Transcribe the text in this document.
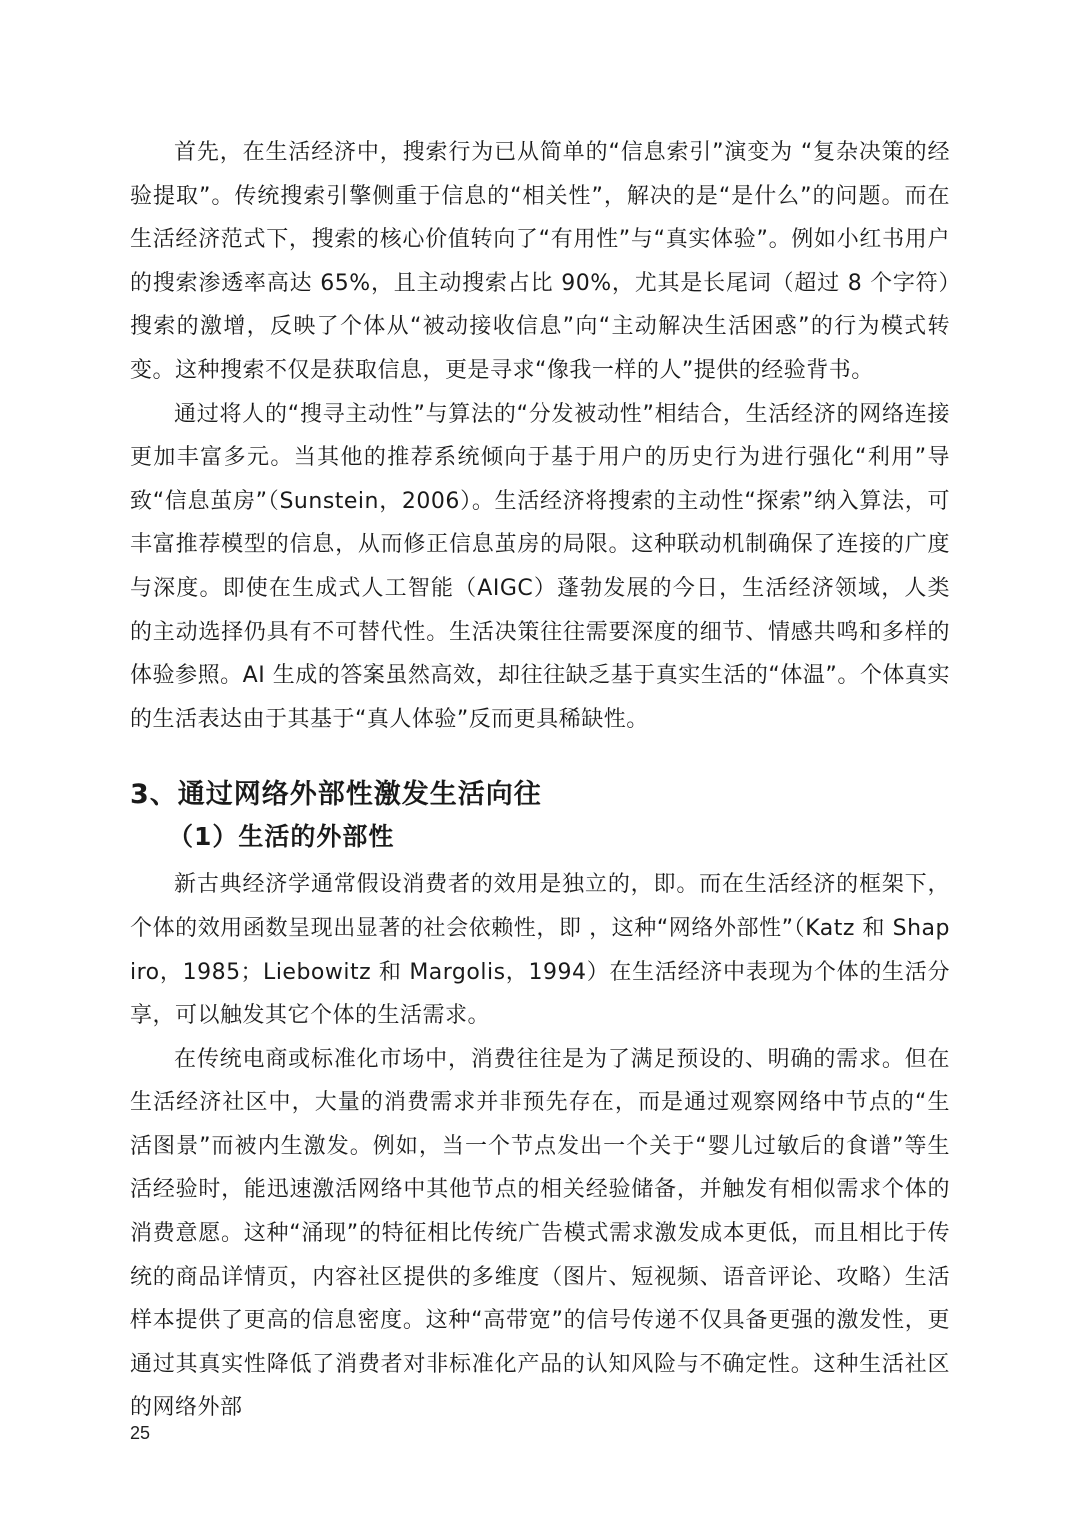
首先，在生活经济中，搜索行为已从简单的“信息索引”演变为 “复杂决策的经验提取”。传统搜索引擎侧重于信息的“相关性”，解决的是“是什么”的问题。而在生活经济范式下，搜索的核心价值转向了“有用性”与“真实体验”。例如小红书用户的搜索渗透率高达 65%，且主动搜索占比 90%，尤其是长尾词（超过 8 个字符）搜索的激增，反映了个体从“被动接收信息”向“主动解决生活困惑”的行为模式转变。这种搜索不仅是获取信息，更是寻求“像我一样的人”提供的经验背书。

通过将人的“搜寻主动性”与算法的“分发被动性”相结合，生活经济的网络连接更加丰富多元。当其他的推荐系统倾向于基于用户的历史行为进行强化“利用”导致“信息茧房”（Sunstein，2006）。生活经济将搜索的主动性“探索”纳入算法，可丰富推荐模型的信息，从而修正信息茧房的局限。这种联动机制确保了连接的广度与深度。即使在生成式人工智能（AIGC）蓬勃发展的今日，生活经济领域，人类的主动选择仍具有不可替代性。生活决策往往需要深度的细节、情感共鸣和多样的体验参照。AI 生成的答案虽然高效，却往往缺乏基于真实生活的“体温”。个体真实的生活表达由于其基于“真人体验”反而更具稀缺性。

3、通过网络外部性激发生活向往
（1）生活的外部性

新古典经济学通常假设消费者的效用是独立的，即。而在生活经济的框架下，个体的效用函数呈现出显著的社会依赖性，即 ，这种“网络外部性”（Katz 和 Shapiro，1985；Liebowitz 和 Margolis，1994）在生活经济中表现为个体的生活分享，可以触发其它个体的生活需求。

在传统电商或标准化市场中，消费往往是为了满足预设的、明确的需求。但在生活经济社区中，大量的消费需求并非预先存在，而是通过观察网络中节点的“生活图景”而被内生激发。例如，当一个节点发出一个关于“婴儿过敏后的食谱”等生活经验时，能迅速激活网络中其他节点的相关经验储备，并触发有相似需求个体的消费意愿。这种“涌现”的特征相比传统广告模式需求激发成本更低，而且相比于传统的商品详情页，内容社区提供的多维度（图片、短视频、语音评论、攻略）生活样本提供了更高的信息密度。这种“高带宽”的信号传递不仅具备更强的激发性，更通过其真实性降低了消费者对非标准化产品的认知风险与不确定性。这种生活社区的网络外部

25
